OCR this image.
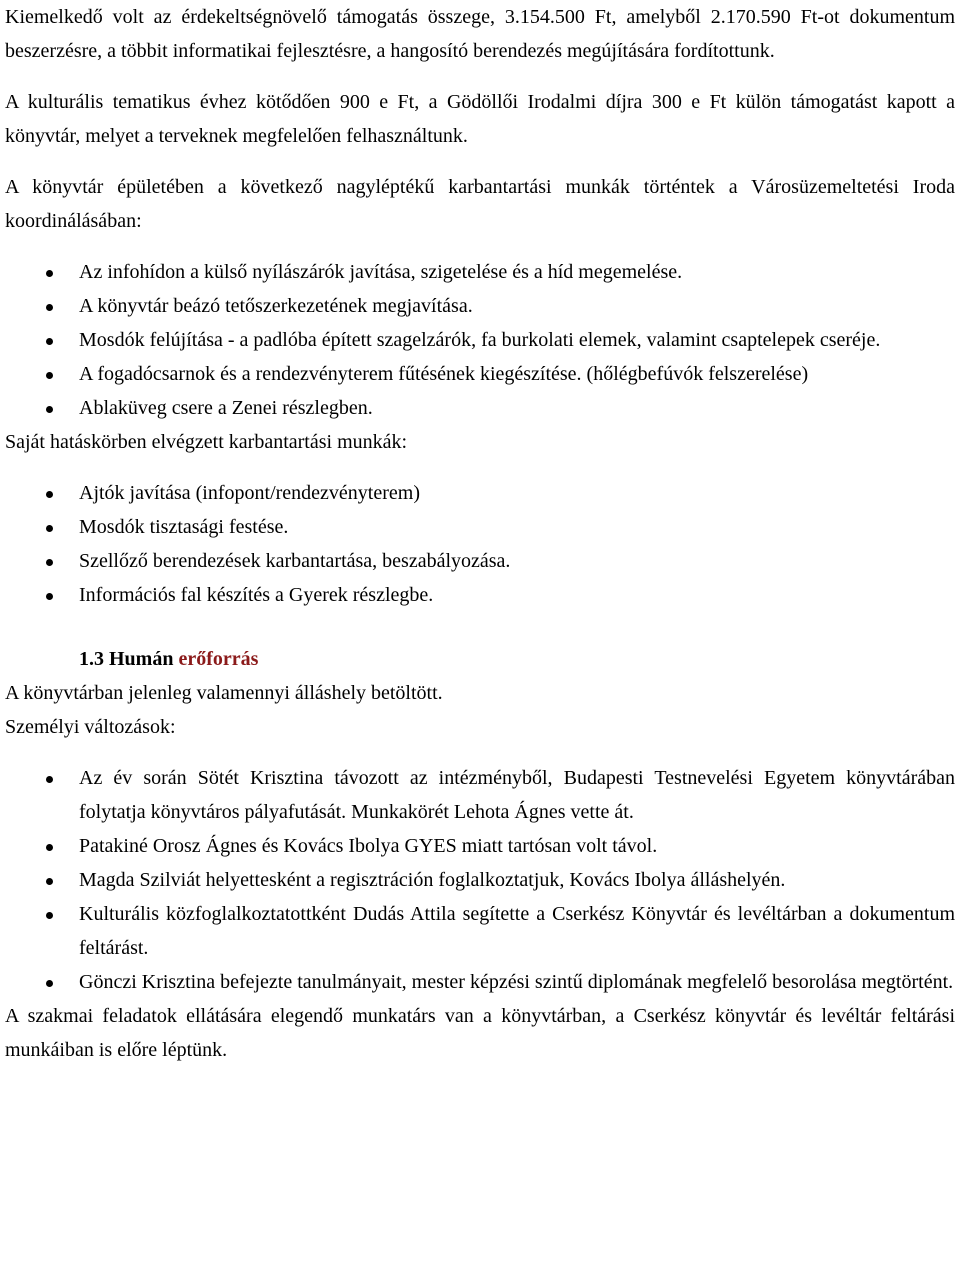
Kiemelkedő volt az érdekeltségnövelő támogatás összege, 3.154.500 Ft, amelyből 2.170.590 Ft-ot dokumentum beszerzésre, a többit informatikai fejlesztésre, a hangosító berendezés megújítására fordítottunk.

A kulturális tematikus évhez kötődően 900 e Ft, a Gödöllői Irodalmi díjra 300 e Ft külön támogatást kapott a könyvtár, melyet a terveknek megfelelően felhasználtunk.

A könyvtár épületében a következő nagyléptékű karbantartási munkák történtek a Városüzemeltetési Iroda koordinálásában:

Az infohídon a külső nyílászárók javítása, szigetelése és a híd megemelése.
A könyvtár beázó tetőszerkezetének megjavítása.
Mosdók felújítása - a padlóba épített szagelzárók, fa burkolati elemek, valamint csaptelepek cseréje.
A fogadócsarnok és a rendezvényterem fűtésének kiegészítése. (hőlégbefúvók felszerelése)
Ablaküveg csere a Zenei részlegben.

Saját hatáskörben elvégzett karbantartási munkák:

Ajtók javítása (infopont/rendezvényterem)
Mosdók tisztasági festése.
Szellőző berendezések karbantartása, beszabályozása.
Információs fal készítés a Gyerek részlegbe.

1.3 Humán erőforrás

A könyvtárban jelenleg valamennyi álláshely betöltött.

Személyi változások:

Az év során Sötét Krisztina távozott az intézményből, Budapesti Testnevelési Egyetem könyvtárában folytatja könyvtáros pályafutását. Munkakörét Lehota Ágnes vette át.
Patakiné Orosz Ágnes és Kovács Ibolya GYES miatt tartósan volt távol.
Magda Szilviát helyettesként a regisztráción foglalkoztatjuk, Kovács Ibolya álláshelyén.
Kulturális közfoglalkoztatottként Dudás Attila segítette a Cserkész Könyvtár és levéltárban a dokumentum feltárást.
Gönczi Krisztina befejezte tanulmányait, mester képzési szintű diplomának megfelelő besorolása megtörtént.

A szakmai feladatok ellátására elegendő munkatárs van a könyvtárban, a Cserkész könyvtár és levéltár feltárási munkáiban is előre léptünk.
